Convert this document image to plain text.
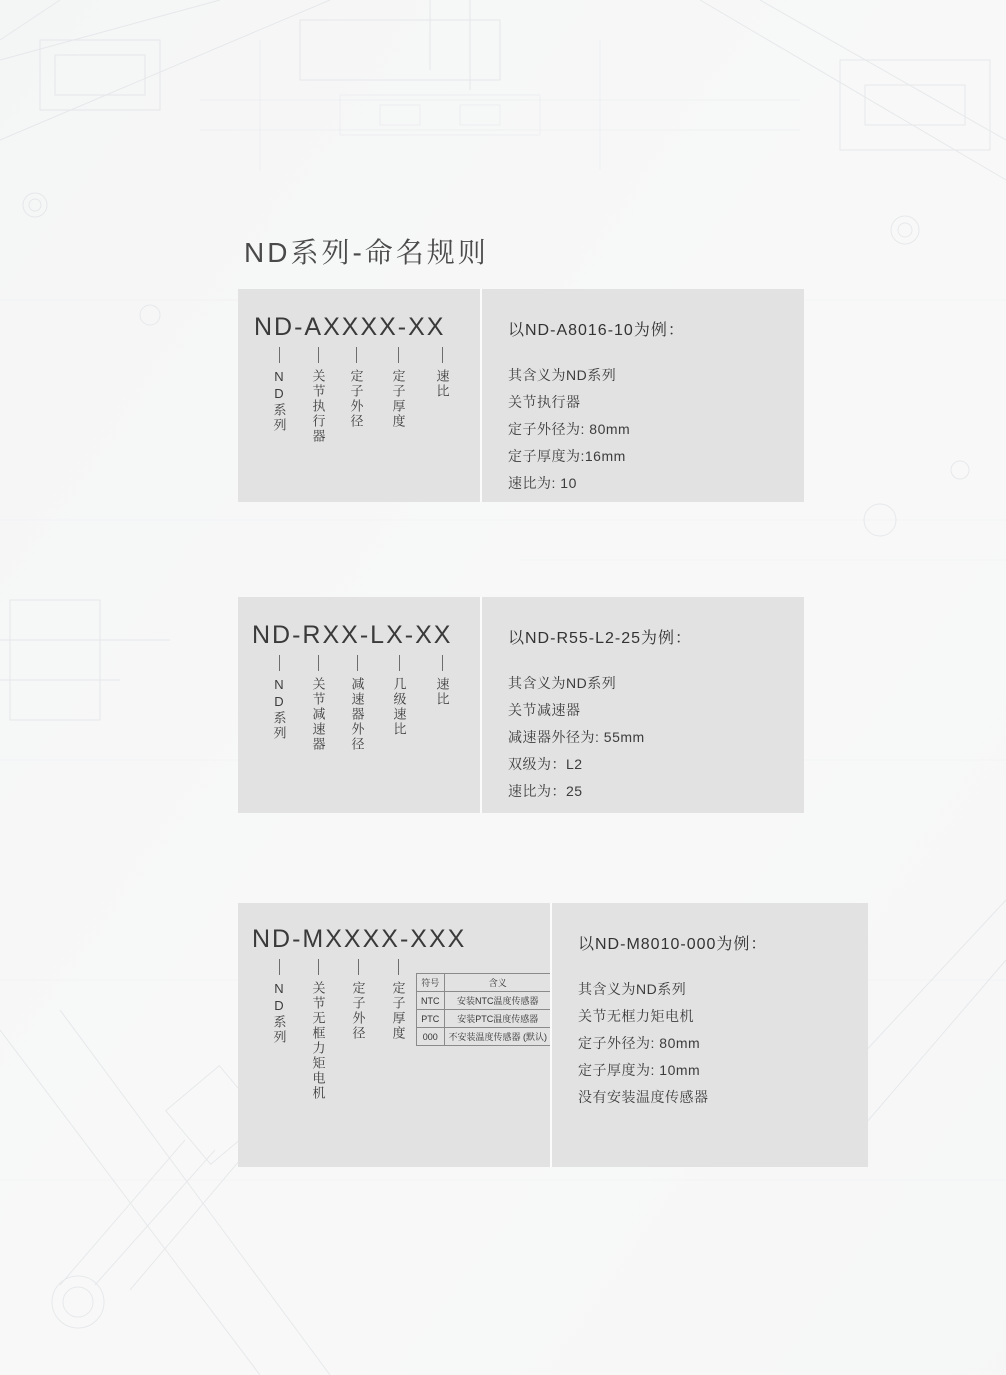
ND系列-命名规则
ND-AXXXX-XX
ND系列 关节执行器 定子外径 定子厚度 速比
以ND-A8016-10为例：
其含义为ND系列
关节执行器
定子外径为: 80mm
定子厚度为:16mm
速比为: 10
ND-RXX-LX-XX
ND系列 关节减速器 减速器外径 几级速比 速比
以ND-R55-L2-25为例：
其含义为ND系列
关节减速器
减速器外径为: 55mm
双级为：L2
速比为：25
ND-MXXXX-XXX
ND系列 关节无框力矩电机 定子外径 定子厚度 符号	含义
NTC	安装NTC温度传感器
PTC	安装PTC温度传感器
000	不安装温度传感器 (默认)
以ND-M8010-000为例：
其含义为ND系列
关节无框力矩电机
定子外径为: 80mm
定子厚度为: 10mm
没有安装温度传感器
